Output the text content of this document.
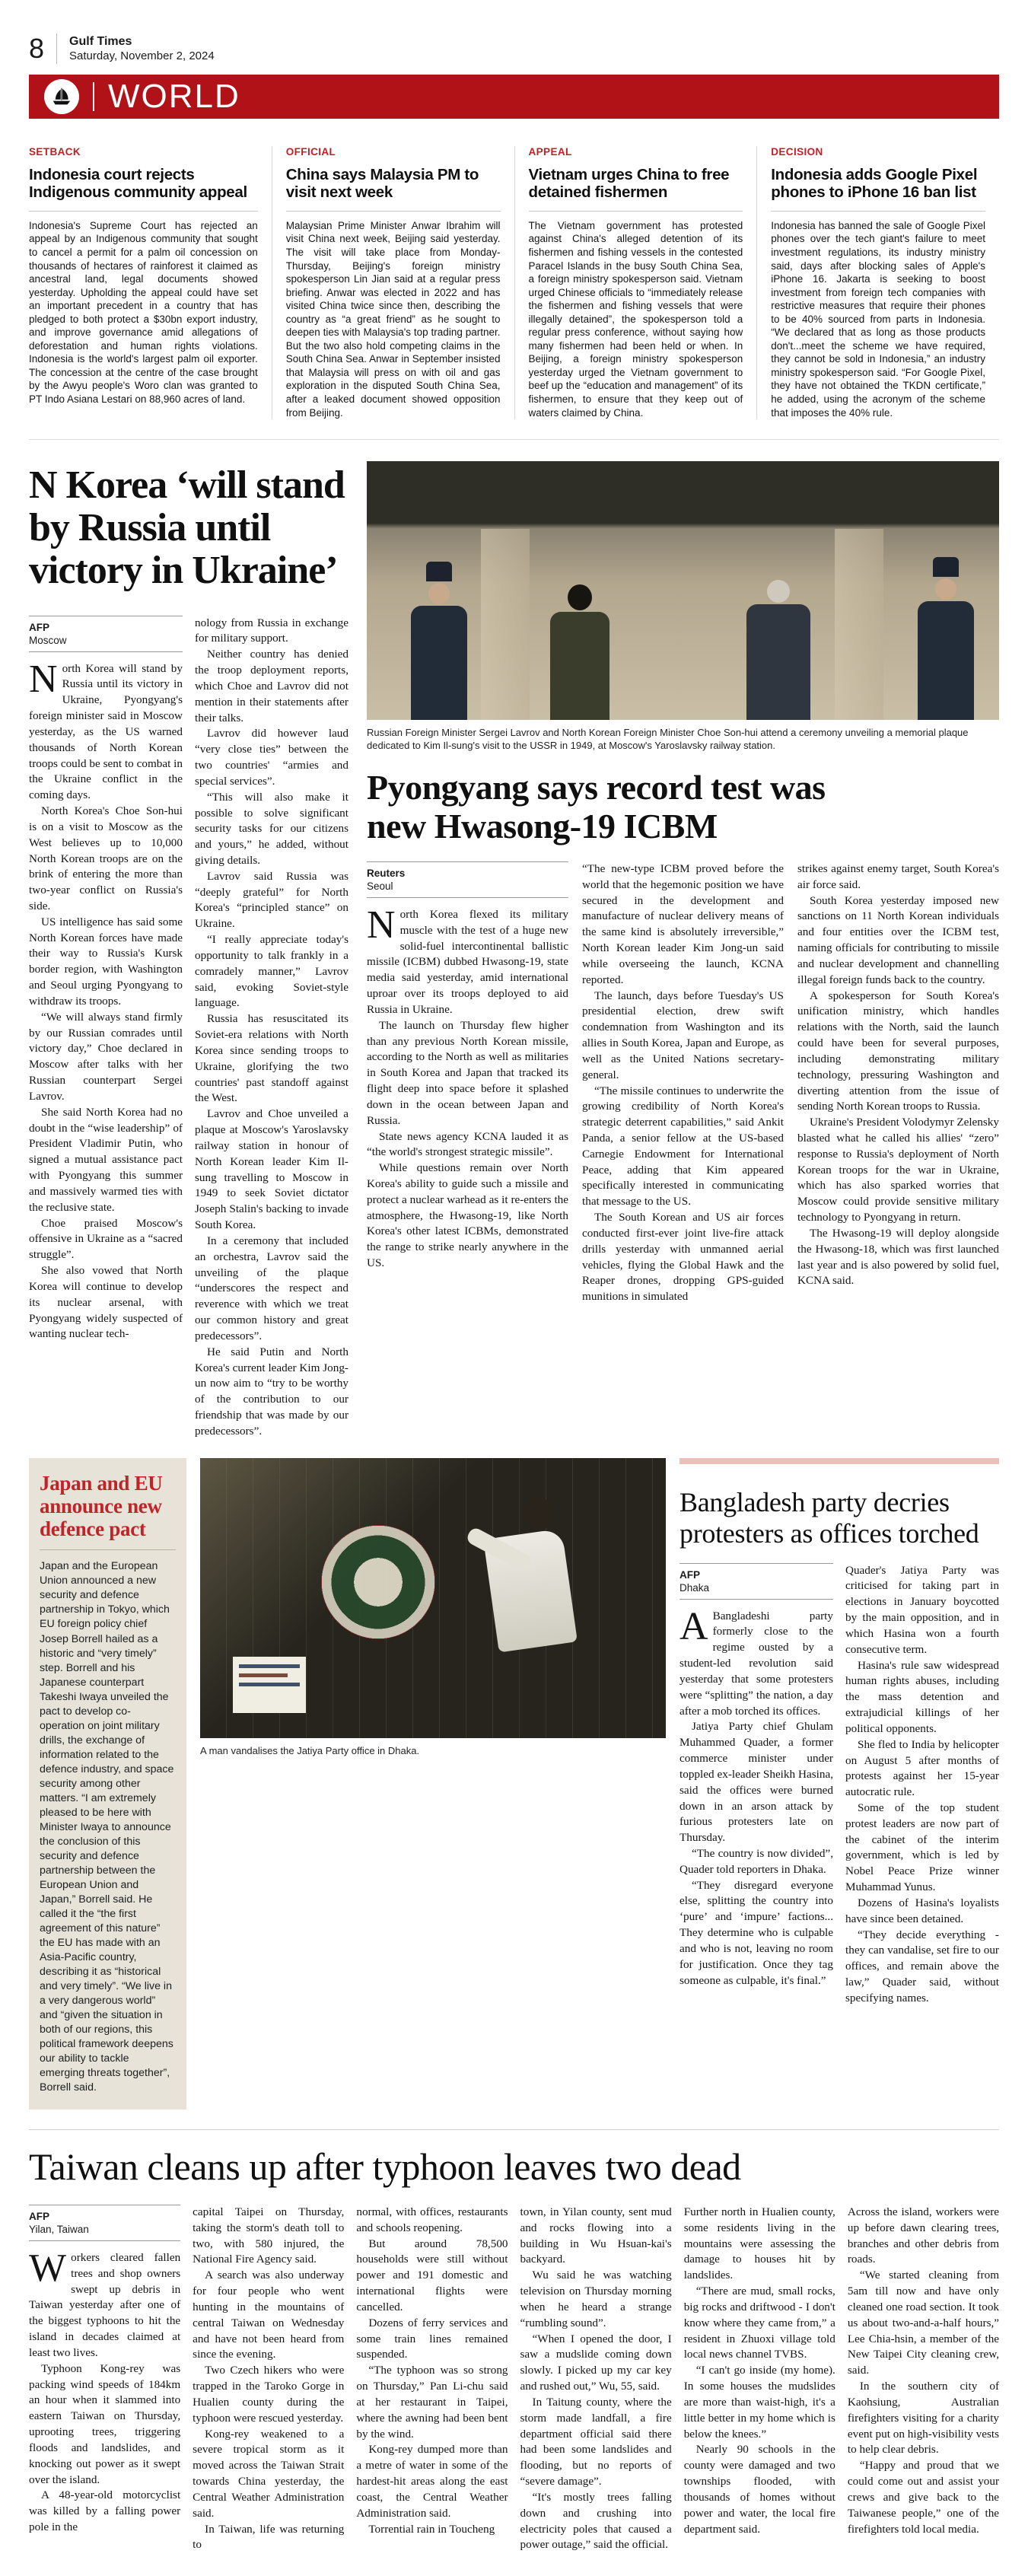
8 Gulf Times
Saturday, November 2, 2024
WORLD
SETBACK
Indonesia court rejects Indigenous community appeal
Indonesia's Supreme Court has rejected an appeal by an Indigenous community that sought to cancel a permit for a palm oil concession on thousands of hectares of rainforest it claimed as ancestral land, legal documents showed yesterday. Upholding the appeal could have set an important precedent in a country that has pledged to both protect a $30bn export industry, and improve governance amid allegations of deforestation and human rights violations. Indonesia is the world's largest palm oil exporter. The concession at the centre of the case brought by the Awyu people's Woro clan was granted to PT Indo Asiana Lestari on 88,960 acres of land.
OFFICIAL
China says Malaysia PM to visit next week
Malaysian Prime Minister Anwar Ibrahim will visit China next week, Beijing said yesterday. The visit will take place from Monday-Thursday, Beijing's foreign ministry spokesperson Lin Jian said at a regular press briefing. Anwar was elected in 2022 and has visited China twice since then, describing the country as “a great friend” as he sought to deepen ties with Malaysia's top trading partner. But the two also hold competing claims in the South China Sea. Anwar in September insisted that Malaysia will press on with oil and gas exploration in the disputed South China Sea, after a leaked document showed opposition from Beijing.
APPEAL
Vietnam urges China to free detained fishermen
The Vietnam government has protested against China's alleged detention of its fishermen and fishing vessels in the contested Paracel Islands in the busy South China Sea, a foreign ministry spokesperson said. Vietnam urged Chinese officials to “immediately release the fishermen and fishing vessels that were illegally detained”, the spokesperson told a regular press conference, without saying how many fishermen had been held or when. In Beijing, a foreign ministry spokesperson yesterday urged the Vietnam government to beef up the “education and management” of its fishermen, to ensure that they keep out of waters claimed by China.
DECISION
Indonesia adds Google Pixel phones to iPhone 16 ban list
Indonesia has banned the sale of Google Pixel phones over the tech giant's failure to meet investment regulations, its industry ministry said, days after blocking sales of Apple's iPhone 16. Jakarta is seeking to boost investment from foreign tech companies with restrictive measures that require their phones to be 40% sourced from parts in Indonesia. “We declared that as long as those products don't...meet the scheme we have required, they cannot be sold in Indonesia,” an industry ministry spokesperson said. “For Google Pixel, they have not obtained the TKDN certificate,” he added, using the acronym of the scheme that imposes the 40% rule.
N Korea ‘will stand by Russia until victory in Ukraine’
AFP
Moscow

North Korea will stand by Russia until its victory in Ukraine, Pyongyang's foreign minister said in Moscow yesterday, as the US warned thousands of North Korean troops could be sent to combat in the Ukraine conflict in the coming days.

North Korea's Choe Son-hui is on a visit to Moscow as the West believes up to 10,000 North Korean troops are on the brink of entering the more than two-year conflict on Russia's side.

US intelligence has said some North Korean forces have made their way to Russia's Kursk border region, with Washington and Seoul urging Pyongyang to withdraw its troops.

“We will always stand firmly by our Russian comrades until victory day,” Choe declared in Moscow after talks with her Russian counterpart Sergei Lavrov.

She said North Korea had no doubt in the “wise leadership” of President Vladimir Putin, who signed a mutual assistance pact with Pyongyang this summer and massively warmed ties with the reclusive state.

Choe praised Moscow's offensive in Ukraine as a “sacred struggle”.

She also vowed that North Korea will continue to develop its nuclear arsenal, with Pyongyang widely suspected of wanting nuclear tech-

nology from Russia in exchange for military support.

Neither country has denied the troop deployment reports, which Choe and Lavrov did not mention in their statements after their talks.

Lavrov did however laud “very close ties” between the two countries' “armies and special services”.

“This will also make it possible to solve significant security tasks for our citizens and yours,” he added, without giving details.

Lavrov said Russia was “deeply grateful” for North Korea's “principled stance” on Ukraine.

“I really appreciate today's opportunity to talk frankly in a comradely manner,” Lavrov said, evoking Soviet-style language.

Russia has resuscitated its Soviet-era relations with North Korea since sending troops to Ukraine, glorifying the two countries' past standoff against the West.

Lavrov and Choe unveiled a plaque at Moscow's Yaroslavsky railway station in honour of North Korean leader Kim Il-sung travelling to Moscow in 1949 to seek Soviet dictator Joseph Stalin's backing to invade South Korea.

In a ceremony that included an orchestra, Lavrov said the unveiling of the plaque “underscores the respect and reverence with which we treat our common history and great predecessors”.

He said Putin and North Korea's current leader Kim Jong-un now aim to “try to be worthy of the contribution to our friendship that was made by our predecessors”.

Russian Foreign Minister Sergei Lavrov and North Korean Foreign Minister Choe Son-hui attend a ceremony unveiling a memorial plaque dedicated to Kim Il-sung's visit to the USSR in 1949, at Moscow's Yaroslavsky railway station.

Pyongyang says record test was new Hwasong-19 ICBM
Reuters
Seoul

North Korea flexed its military muscle with the test of a huge new solid-fuel intercontinental ballistic missile (ICBM) dubbed Hwasong-19, state media said yesterday, amid international uproar over its troops deployed to aid Russia in Ukraine.

The launch on Thursday flew higher than any previous North Korean missile, according to the North as well as militaries in South Korea and Japan that tracked its flight deep into space before it splashed down in the ocean between Japan and Russia.

State news agency KCNA lauded it as “the world's strongest strategic missile”.

While questions remain over North Korea's ability to guide such a missile and protect a nuclear warhead as it re-enters the atmosphere, the Hwasong-19, like North Korea's other latest ICBMs, demonstrated the range to strike nearly anywhere in the US.

“The new-type ICBM proved before the world that the hegemonic position we have secured in the development and manufacture of nuclear delivery means of the same kind is absolutely irreversible,” North Korean leader Kim Jong-un said while overseeing the launch, KCNA reported.

The launch, days before Tuesday's US presidential election, drew swift condemnation from Washington and its allies in South Korea, Japan and Europe, as well as the United Nations secretary-general.

“The missile continues to underwrite the growing credibility of North Korea's strategic deterrent capabilities,” said Ankit Panda, a senior fellow at the US-based Carnegie Endowment for International Peace, adding that Kim appeared specifically interested in communicating that message to the US.

The South Korean and US air forces conducted first-ever joint live-fire attack drills yesterday with unmanned aerial vehicles, flying the Global Hawk and the Reaper drones, dropping GPS-guided munitions in simulated

strikes against enemy target, South Korea's air force said.

South Korea yesterday imposed new sanctions on 11 North Korean individuals and four entities over the ICBM test, naming officials for contributing to missile and nuclear development and channelling illegal foreign funds back to the country.

A spokesperson for South Korea's unification ministry, which handles relations with the North, said the launch could have been for several purposes, including demonstrating military technology, pressuring Washington and diverting attention from the issue of sending North Korean troops to Russia.

Ukraine's President Volodymyr Zelensky blasted what he called his allies' “zero” response to Russia's deployment of North Korean troops for the war in Ukraine, which has also sparked worries that Moscow could provide sensitive military technology to Pyongyang in return.

The Hwasong-19 will deploy alongside the Hwasong-18, which was first launched last year and is also powered by solid fuel, KCNA said.

Japan and EU announce new defence pact
Japan and the European Union announced a new security and defence partnership in Tokyo, which EU foreign policy chief Josep Borrell hailed as a historic and “very timely” step. Borrell and his Japanese counterpart Takeshi Iwaya unveiled the pact to develop co-operation on joint military drills, the exchange of information related to the defence industry, and space security among other matters. “I am extremely pleased to be here with Minister Iwaya to announce the conclusion of this security and defence partnership between the European Union and Japan,” Borrell said. He called it the “the first agreement of this nature” the EU has made with an Asia-Pacific country, describing it as “historical and very timely”. “We live in a very dangerous world” and “given the situation in both of our regions, this political framework deepens our ability to tackle emerging threats together”, Borrell said.

A man vandalises the Jatiya Party office in Dhaka.

Bangladesh party decries protesters as offices torched
AFP
Dhaka

ABangladeshi party formerly close to the regime ousted by a student-led revolution said yesterday that some protesters were “splitting” the nation, a day after a mob torched its offices.

Jatiya Party chief Ghulam Muhammed Quader, a former commerce minister under toppled ex-leader Sheikh Hasina, said the offices were burned down in an arson attack by furious protesters late on Thursday.

“The country is now divided”, Quader told reporters in Dhaka.

“They disregard everyone else, splitting the country into ‘pure’ and ‘impure’ factions... They determine who is culpable and who is not, leaving no room for justification. Once they tag someone as culpable, it's final.”

Quader's Jatiya Party was criticised for taking part in elections in January boycotted by the main opposition, and in which Hasina won a fourth consecutive term.

Hasina's rule saw widespread human rights abuses, including the mass detention and extrajudicial killings of her political opponents.

She fled to India by helicopter on August 5 after months of protests against her 15-year autocratic rule.

Some of the top student protest leaders are now part of the cabinet of the interim government, which is led by Nobel Peace Prize winner Muhammad Yunus.

Dozens of Hasina's loyalists have since been detained.

“They decide everything - they can vandalise, set fire to our offices, and remain above the law,” Quader said, without specifying names.

Taiwan cleans up after typhoon leaves two dead
AFP
Yilan, Taiwan

Workers cleared fallen trees and shop owners swept up debris in Taiwan yesterday after one of the biggest typhoons to hit the island in decades claimed at least two lives.

Typhoon Kong-rey was packing wind speeds of 184km an hour when it slammed into eastern Taiwan on Thursday, uprooting trees, triggering floods and landslides, and knocking out power as it swept over the island.

A 48-year-old motorcyclist was killed by a falling power pole in the

capital Taipei on Thursday, taking the storm's death toll to two, with 580 injured, the National Fire Agency said.

A search was also underway for four people who went hunting in the mountains of central Taiwan on Wednesday and have not been heard from since the evening.

Two Czech hikers who were trapped in the Taroko Gorge in Hualien county during the typhoon were rescued yesterday.

Kong-rey weakened to a severe tropical storm as it moved across the Taiwan Strait towards China yesterday, the Central Weather Administration said.

In Taiwan, life was returning to

normal, with offices, restaurants and schools reopening.

But around 78,500 households were still without power and 191 domestic and international flights were cancelled.

Dozens of ferry services and some train lines remained suspended.

“The typhoon was so strong on Thursday,” Pan Li-chu said at her restaurant in Taipei, where the awning had been bent by the wind.

Kong-rey dumped more than a metre of water in some of the hardest-hit areas along the east coast, the Central Weather Administration said.

Torrential rain in Toucheng

town, in Yilan county, sent mud and rocks flowing into a building in Wu Hsuan-kai's backyard.

Wu said he was watching television on Thursday morning when he heard a strange “rumbling sound”.

“When I opened the door, I saw a mudslide coming down slowly. I picked up my car key and rushed out,” Wu, 55, said.

In Taitung county, where the storm made landfall, a fire department official said there had been some landslides and flooding, but no reports of “severe damage”.

“It's mostly trees falling down and crushing into electricity poles that caused a power outage,” said the official.

Further north in Hualien county, some residents living in the mountains were assessing the damage to houses hit by landslides.

“There are mud, small rocks, big rocks and driftwood - I don't know where they came from,” a resident in Zhuoxi village told local news channel TVBS.

“I can't go inside (my home). In some houses the mudslides are more than waist-high, it's a little better in my home which is below the knees.”

Nearly 90 schools in the county were damaged and two townships flooded, with thousands of homes without power and water, the local fire department said.

Across the island, workers were up before dawn clearing trees, branches and other debris from roads.

“We started cleaning from 5am till now and have only cleaned one road section. It took us about two-and-a-half hours,” Lee Chia-hsin, a member of the New Taipei City cleaning crew, said.

In the southern city of Kaohsiung, Australian firefighters visiting for a charity event put on high-visibility vests to help clear debris.

“Happy and proud that we could come out and assist your crews and give back to the Taiwanese people,” one of the firefighters told local media.
